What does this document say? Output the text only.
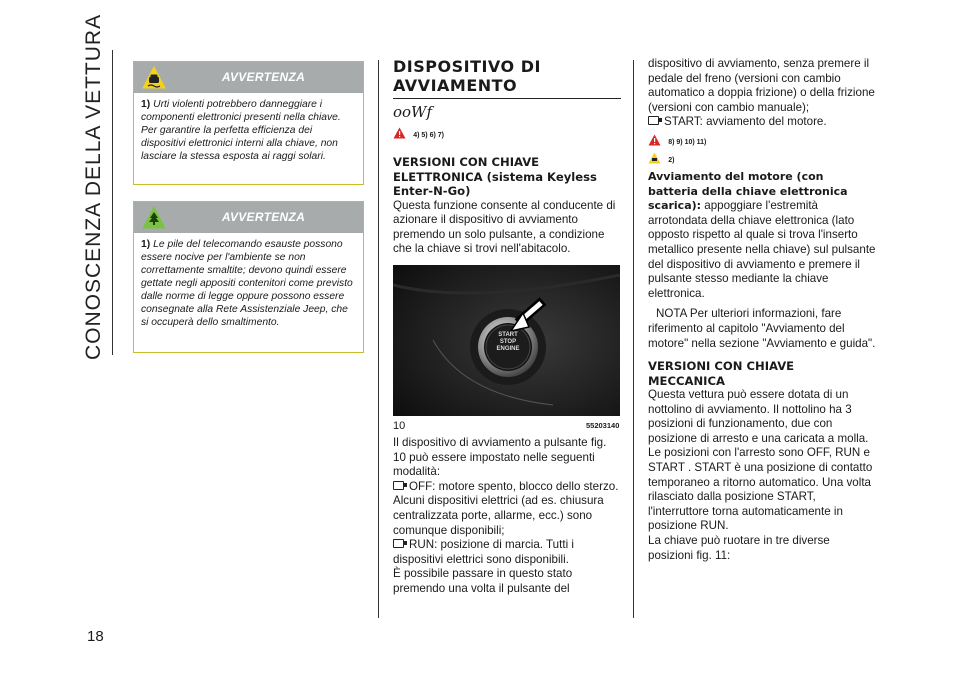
CONOSCENZA DELLA VETTURA
18
AVVERTENZA
1) Urti violenti potrebbero danneggiare i componenti elettronici presenti nella chiave. Per garantire la perfetta efficienza dei dispositivi elettronici interni alla chiave, non lasciare la stessa esposta ai raggi solari.
AVVERTENZA
1) Le pile del telecomando esauste possono essere nocive per l'ambiente se non correttamente smaltite; devono quindi essere gettate negli appositi contenitori come previsto dalle norme di legge oppure possono essere consegnate alla Rete Assistenziale Jeep, che si occuperà dello smaltimento.
DISPOSITIVO DI
AVVIAMENTO
ooWf
4) 5) 6) 7)
VERSIONI CON CHIAVE
ELETTRONICA (sistema Keyless
Enter-N-Go)

Questa funzione consente al conducente di azionare il dispositivo di avviamento premendo un solo pulsante, a condizione che la chiave si trovi nell'abitacolo.

START
STOP
ENGINE
10	55203140

Il dispositivo di avviamento a pulsante fig. 10 può essere impostato nelle seguenti modalità:

OFF: motore spento, blocco dello sterzo. Alcuni dispositivi elettrici (ad es. chiusura centralizzata porte, allarme, ecc.) sono comunque disponibili;

RUN: posizione di marcia. Tutti i dispositivi elettrici sono disponibili.

È possibile passare in questo stato premendo una volta il pulsante del

dispositivo di avviamento, senza premere il pedale del freno (versioni con cambio automatico a doppia frizione) o della frizione (versioni con cambio manuale);

START: avviamento del motore.

8) 9) 10) 11)
2)

Avviamento del motore (con batteria della chiave elettronica scarica): appoggiare l'estremità arrotondata della chiave elettronica (lato opposto rispetto al quale si trova l'inserto metallico presente nella chiave) sul pulsante del dispositivo di avviamento e premere il pulsante stesso mediante la chiave elettronica.

NOTA Per ulteriori informazioni, fare riferimento al capitolo "Avviamento del motore" nella sezione "Avviamento e guida".

VERSIONI CON CHIAVE
MECCANICA

Questa vettura può essere dotata di un nottolino di avviamento. Il nottolino ha 3 posizioni di funzionamento, due con posizione di arresto e una caricata a molla. Le posizioni con l'arresto sono OFF, RUN e START . START è una posizione di contatto temporaneo a ritorno automatico. Una volta rilasciato dalla posizione START, l'interruttore torna automaticamente in posizione RUN.

La chiave può ruotare in tre diverse posizioni fig. 11:
